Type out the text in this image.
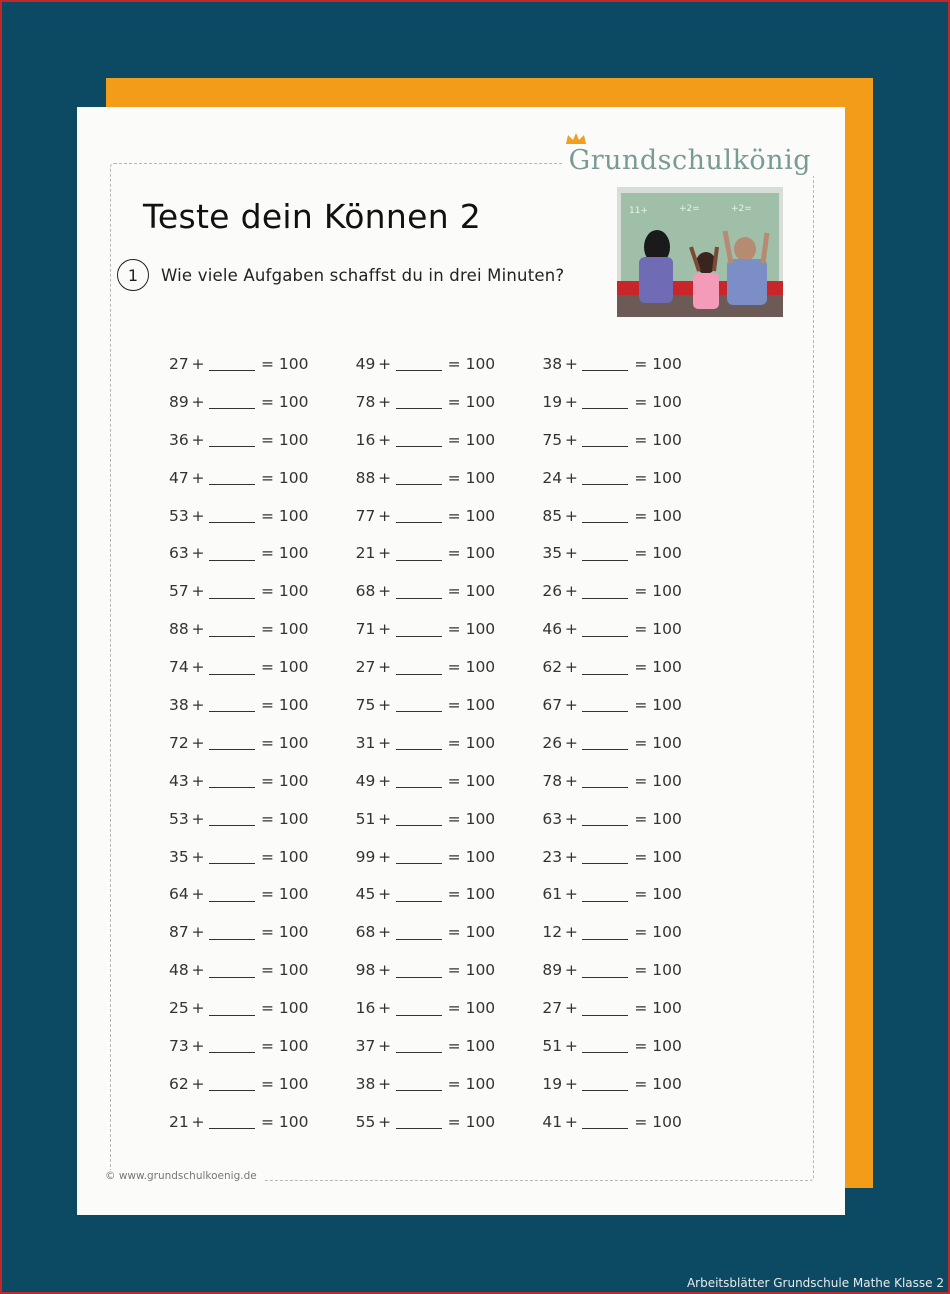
Grundschulkönig
Teste dein Können 2
1	Wie viele Aufgaben schaffst du in drei Minuten?
11+	+2=	+2=
27 +	= 100	49 +	= 100	38 +	= 100
89 +	= 100	78 +	= 100	19 +	= 100
36 +	= 100	16 +	= 100	75 +	= 100
47 +	= 100	88 +	= 100	24 +	= 100
53 +	= 100	77 +	= 100	85 +	= 100
63 +	= 100	21 +	= 100	35 +	= 100
57 +	= 100	68 +	= 100	26 +	= 100
88 +	= 100	71 +	= 100	46 +	= 100
74 +	= 100	27 +	= 100	62 +	= 100
38 +	= 100	75 +	= 100	67 +	= 100
72 +	= 100	31 +	= 100	26 +	= 100
43 +	= 100	49 +	= 100	78 +	= 100
53 +	= 100	51 +	= 100	63 +	= 100
35 +	= 100	99 +	= 100	23 +	= 100
64 +	= 100	45 +	= 100	61 +	= 100
87 +	= 100	68 +	= 100	12 +	= 100
48 +	= 100	98 +	= 100	89 +	= 100
25 +	= 100	16 +	= 100	27 +	= 100
73 +	= 100	37 +	= 100	51 +	= 100
62 +	= 100	38 +	= 100	19 +	= 100
21 +	= 100	55 +	= 100	41 +	= 100
© www.grundschulkoenig.de
Arbeitsblätter Grundschule Mathe Klasse 2
